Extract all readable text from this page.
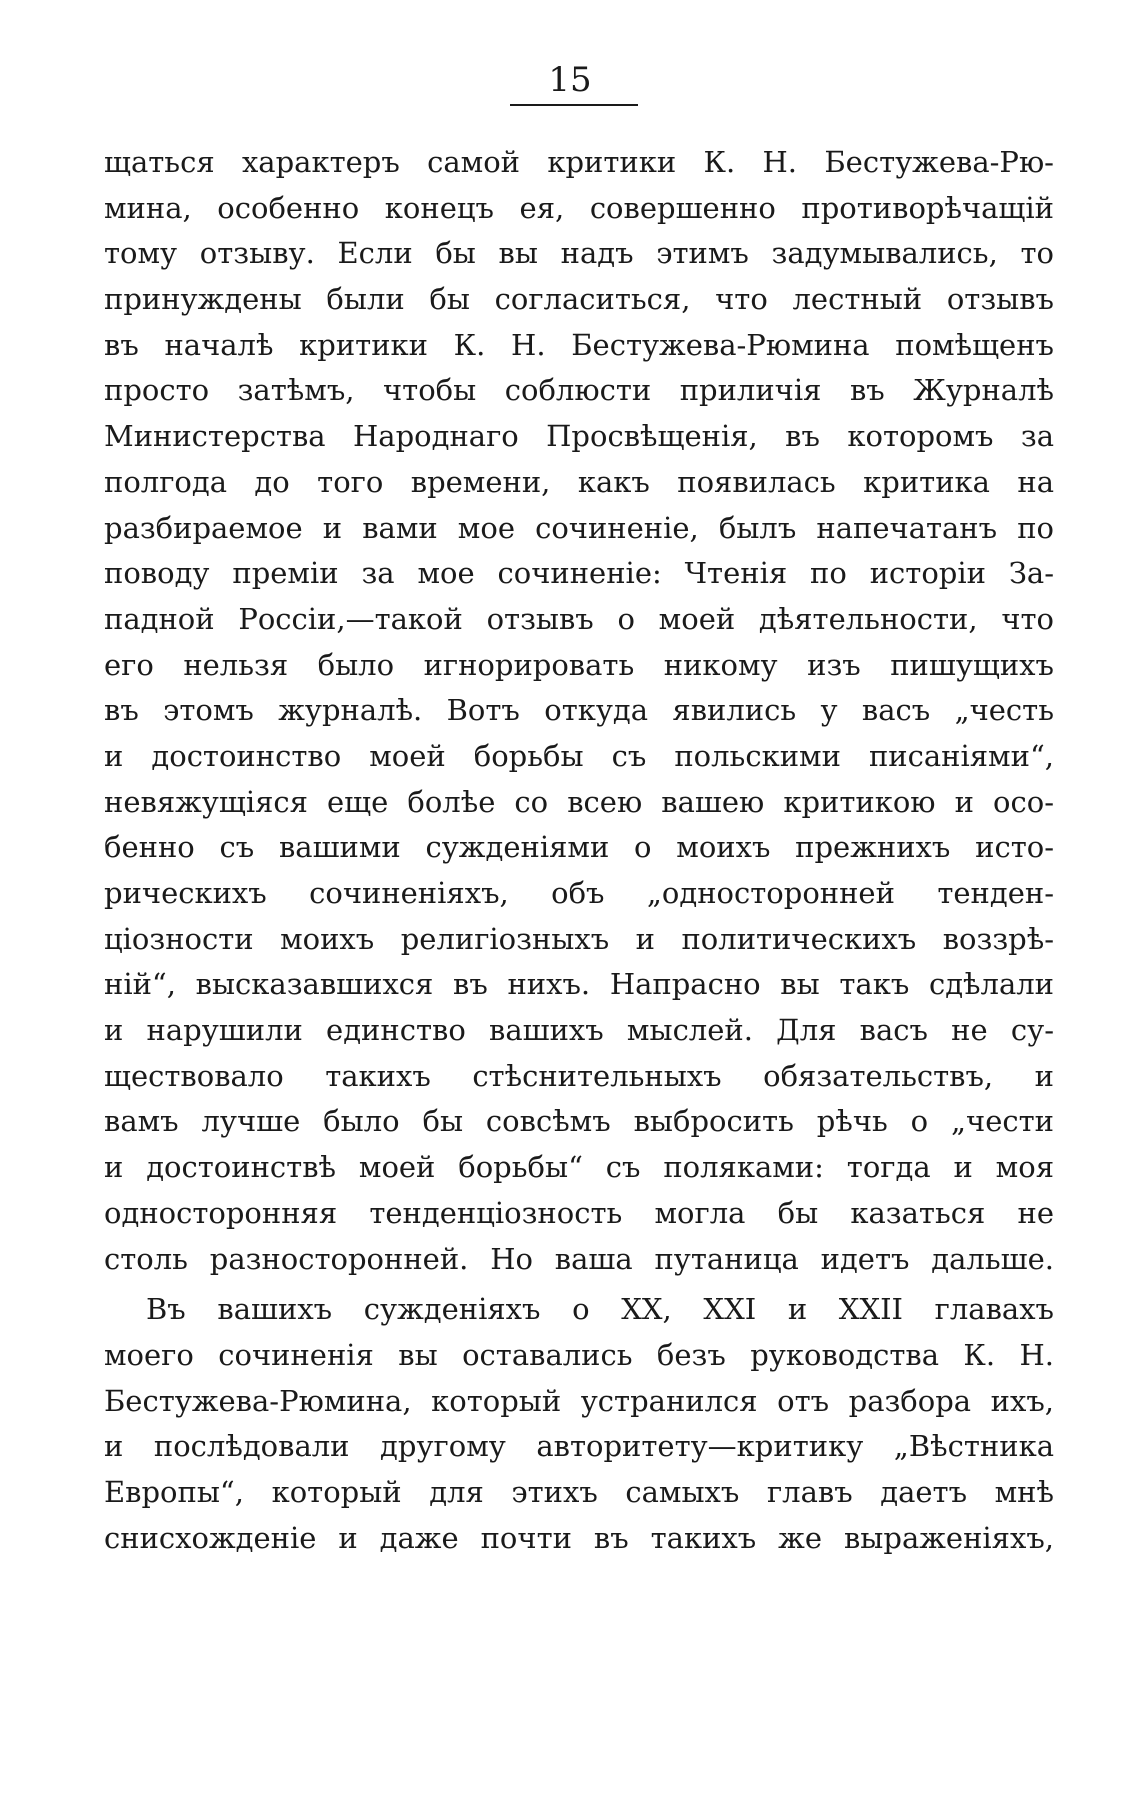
15
щаться характеръ самой критики К. Н. Бестужева-Рю-
мина, особенно конецъ ея, совершенно противорѣчащій
тому отзыву. Если бы вы надъ этимъ задумывались, то
принуждены были бы согласиться, что лестный отзывъ
въ началѣ критики К. Н. Бестужева-Рюмина помѣщенъ
просто затѣмъ, чтобы соблюсти приличія въ Журналѣ
Министерства Народнаго Просвѣщенія, въ которомъ за
полгода до того времени, какъ появилась критика на
разбираемое и вами мое сочиненіе, былъ напечатанъ по
поводу преміи за мое сочиненіе: Чтенія по исторіи За-
падной Россіи,—такой отзывъ о моей дѣятельности, что
его нельзя было игнорировать никому изъ пишущихъ
въ этомъ журналѣ. Вотъ откуда явились у васъ „честь
и достоинство моей борьбы съ польскими писаніями“,
невяжущіяся еще болѣе со всею вашею критикою и осо-
бенно съ вашими сужденіями о моихъ прежнихъ исто-
рическихъ сочиненіяхъ, объ „односторонней тенден-
ціозности моихъ религіозныхъ и политическихъ воззрѣ-
ній“, высказавшихся въ нихъ. Напрасно вы такъ сдѣлали
и нарушили единство вашихъ мыслей. Для васъ не су-
ществовало такихъ стѣснительныхъ обязательствъ, и
вамъ лучше было бы совсѣмъ выбросить рѣчь о „чести
и достоинствѣ моей борьбы“ съ поляками: тогда и моя
односторонняя тенденціозность могла бы казаться не
столь разносторонней. Но ваша путаница идетъ дальше.
Въ вашихъ сужденіяхъ о XX, XXI и XXII главахъ
моего сочиненія вы оставались безъ руководства К. Н.
Бестужева-Рюмина, который устранился отъ разбора ихъ,
и послѣдовали другому авторитету—критику „Вѣстника
Европы“, который для этихъ самыхъ главъ даетъ мнѣ
снисхожденіе и даже почти въ такихъ же выраженіяхъ,
